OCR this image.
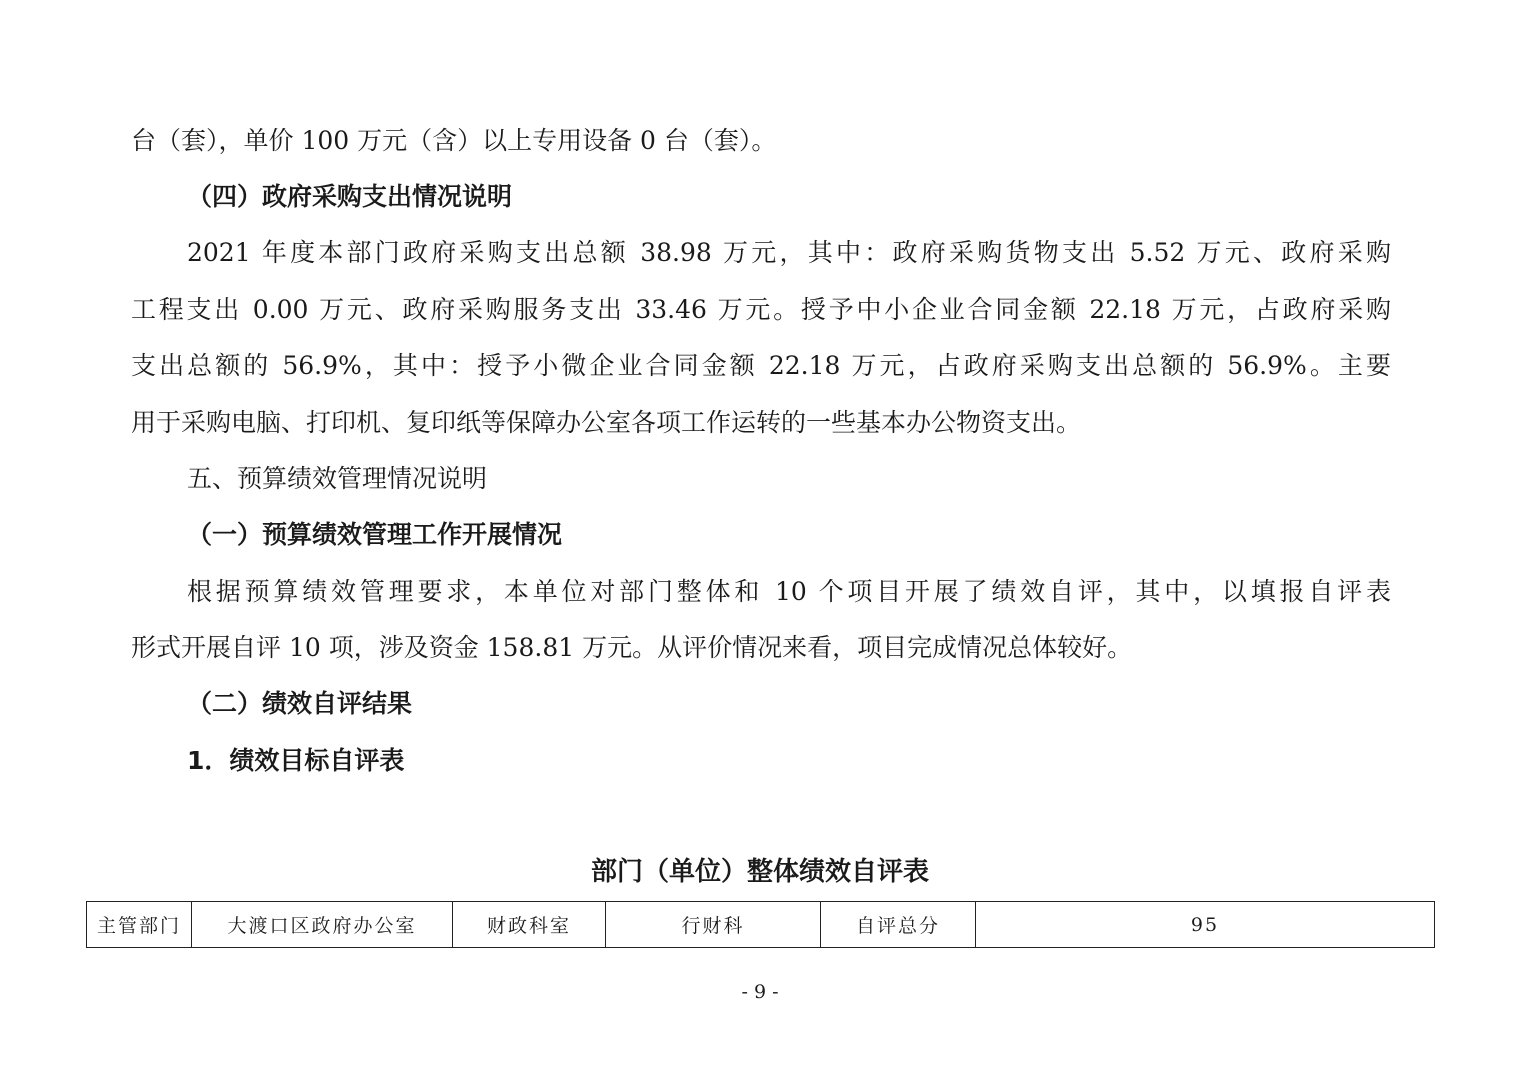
台（套），单价 100 万元（含）以上专用设备 0 台（套）。
（四）政府采购支出情况说明
2021 年度本部门政府采购支出总额 38.98 万元，其中：政府采购货物支出 5.52 万元、政府采购
工程支出 0.00 万元、政府采购服务支出 33.46 万元。授予中小企业合同金额 22.18 万元，占政府采购
支出总额的 56.9%，其中：授予小微企业合同金额 22.18 万元，占政府采购支出总额的 56.9%。主要
用于采购电脑、打印机、复印纸等保障办公室各项工作运转的一些基本办公物资支出。
五、预算绩效管理情况说明
（一）预算绩效管理工作开展情况
根据预算绩效管理要求，本单位对部门整体和 10 个项目开展了绩效自评，其中，以填报自评表
形式开展自评 10 项，涉及资金 158.81 万元。从评价情况来看，项目完成情况总体较好。
（二）绩效自评结果
1．绩效目标自评表
部门（单位）整体绩效自评表
主管部门	大渡口区政府办公室	财政科室	行财科	自评总分	95
- 9 -
